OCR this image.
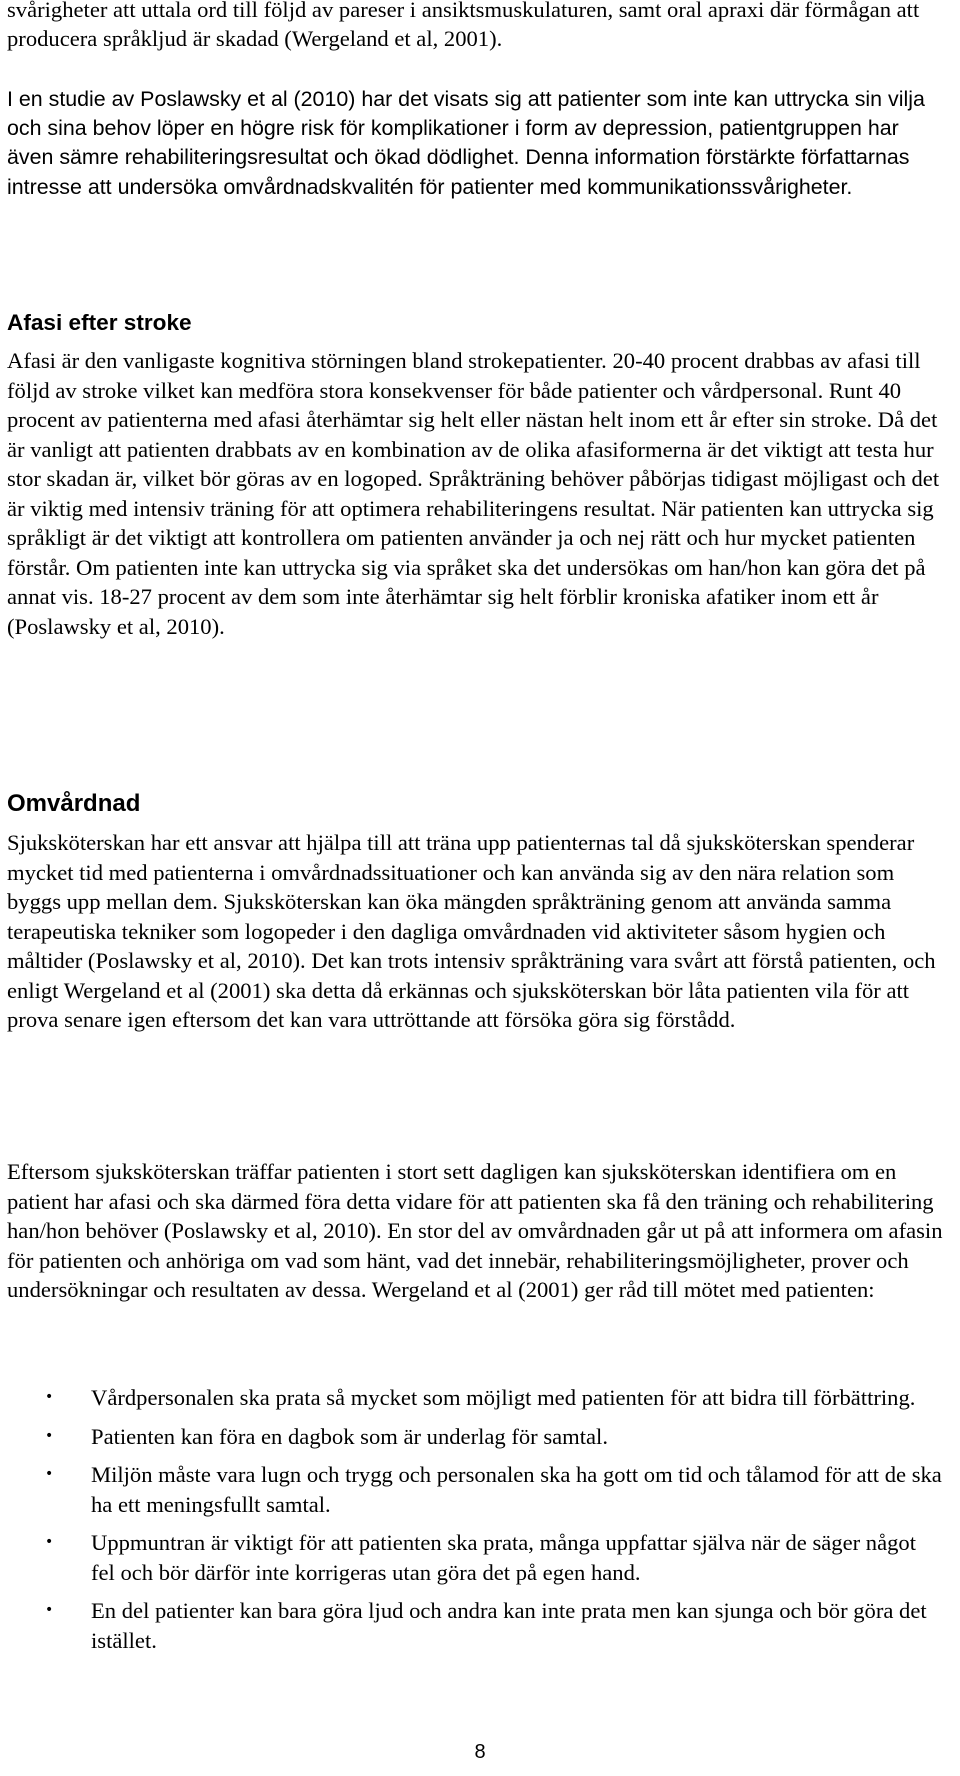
svårigheter att uttala ord till följd av pareser i ansiktsmuskulaturen, samt oral apraxi där förmågan att producera språkljud är skadad (Wergeland et al, 2001).

I en studie av Poslawsky et al (2010) har det visats sig att patienter som inte kan uttrycka sin vilja och sina behov löper en högre risk för komplikationer i form av depression, patientgruppen har även sämre rehabiliteringsresultat och ökad dödlighet. Denna information förstärkte författarnas intresse att undersöka omvårdnadskvalitén för patienter med kommunikationssvårigheter.

Afasi efter stroke

Afasi är den vanligaste kognitiva störningen bland strokepatienter. 20-40 procent drabbas av afasi till följd av stroke vilket kan medföra stora konsekvenser för både patienter och vårdpersonal. Runt 40 procent av patienterna med afasi återhämtar sig helt eller nästan helt inom ett år efter sin stroke. Då det är vanligt att patienten drabbats av en kombination av de olika afasiformerna är det viktigt att testa hur stor skadan är, vilket bör göras av en logoped. Språkträning behöver påbörjas tidigast möjligast och det är viktig med intensiv träning för att optimera rehabiliteringens resultat. När patienten kan uttrycka sig språkligt är det viktigt att kontrollera om patienten använder ja och nej rätt och hur mycket patienten förstår. Om patienten inte kan uttrycka sig via språket ska det undersökas om han/hon kan göra det på annat vis. 18-27 procent av dem som inte återhämtar sig helt förblir kroniska afatiker inom ett år (Poslawsky et al, 2010).

Omvårdnad

Sjuksköterskan har ett ansvar att hjälpa till att träna upp patienternas tal då sjuksköterskan spenderar mycket tid med patienterna i omvårdnadssituationer och kan använda sig av den nära relation som byggs upp mellan dem. Sjuksköterskan kan öka mängden språkträning genom att använda samma terapeutiska tekniker som logopeder i den dagliga omvårdnaden vid aktiviteter såsom hygien och måltider (Poslawsky et al, 2010). Det kan trots intensiv språkträning vara svårt att förstå patienten, och enligt Wergeland et al (2001) ska detta då erkännas och sjuksköterskan bör låta patienten vila för att prova senare igen eftersom det kan vara uttröttande att försöka göra sig förstådd.

Eftersom sjuksköterskan träffar patienten i stort sett dagligen kan sjuksköterskan identifiera om en patient har afasi och ska därmed föra detta vidare för att patienten ska få den träning och rehabilitering han/hon behöver (Poslawsky et al, 2010). En stor del av omvårdnaden går ut på att informera om afasin för patienten och anhöriga om vad som hänt, vad det innebär, rehabiliteringsmöjligheter, prover och undersökningar och resultaten av dessa. Wergeland et al (2001) ger råd till mötet med patienten:

• Vårdpersonalen ska prata så mycket som möjligt med patienten för att bidra till förbättring.
• Patienten kan föra en dagbok som är underlag för samtal.
• Miljön måste vara lugn och trygg och personalen ska ha gott om tid och tålamod för att de ska ha ett meningsfullt samtal.
• Uppmuntran är viktigt för att patienten ska prata, många uppfattar själva när de säger något fel och bör därför inte korrigeras utan göra det på egen hand.
• En del patienter kan bara göra ljud och andra kan inte prata men kan sjunga och bör göra det istället.
8
